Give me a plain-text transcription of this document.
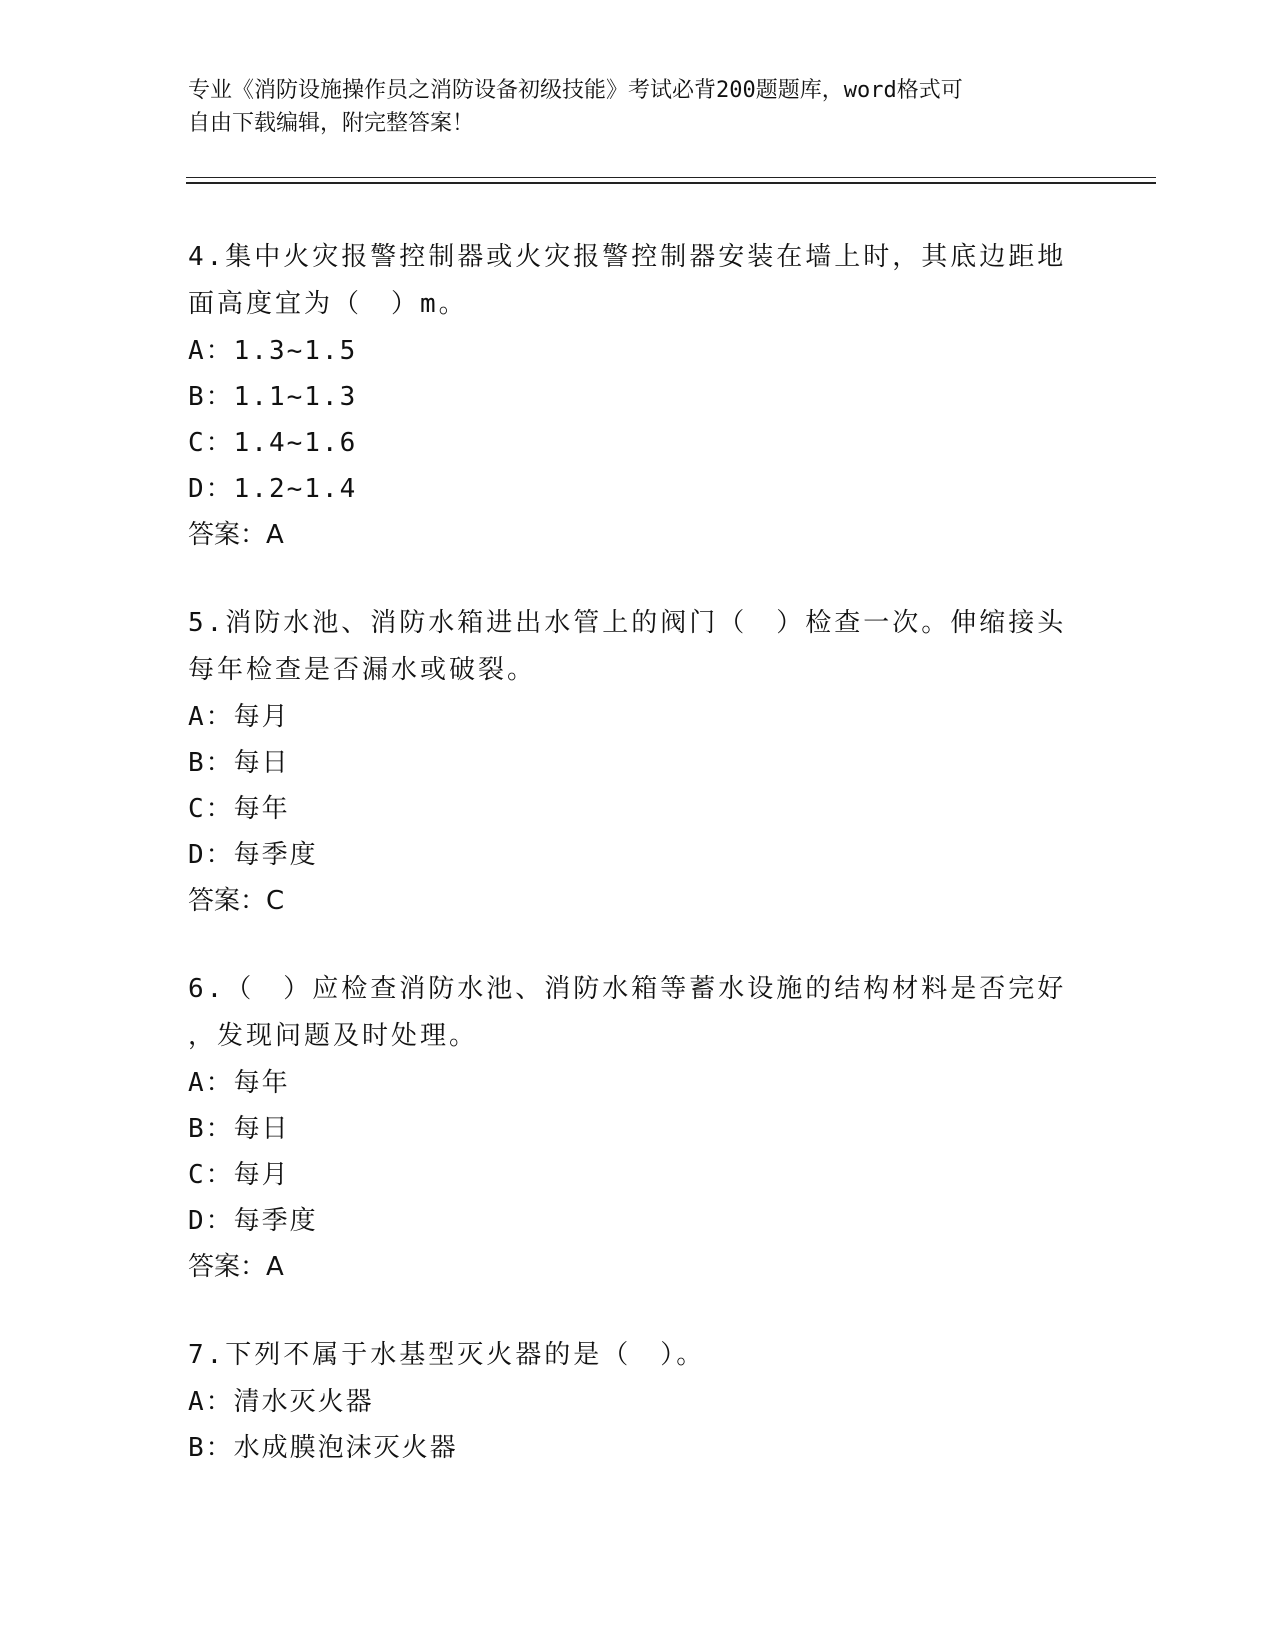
专业《消防设施操作员之消防设备初级技能》考试必背200题题库，word格式可
自由下载编辑，附完整答案！
4.集中火灾报警控制器或火灾报警控制器安装在墙上时，其底边距地
面高度宜为（　）m。
A：1.3~1.5
B：1.1~1.3
C：1.4~1.6
D：1.2~1.4
答案：A
5.消防水池、消防水箱进出水管上的阀门（　）检查一次。伸缩接头
每年检查是否漏水或破裂。
A：每月
B：每日
C：每年
D：每季度
答案：C
6.（　）应检查消防水池、消防水箱等蓄水设施的结构材料是否完好
，发现问题及时处理。
A：每年
B：每日
C：每月
D：每季度
答案：A
7.下列不属于水基型灭火器的是（　）。
A：清水灭火器
B：水成膜泡沫灭火器
